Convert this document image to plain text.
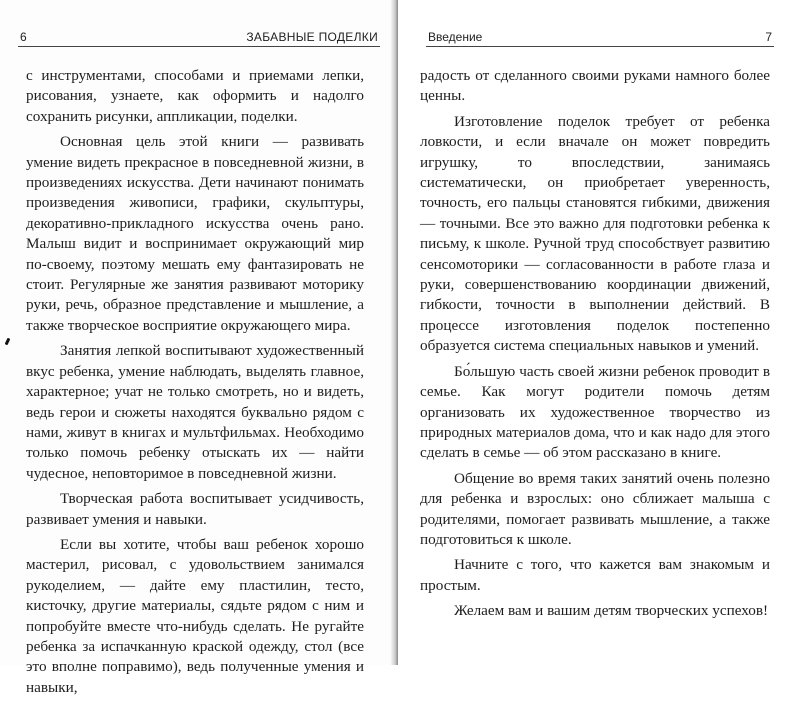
6	ЗАБАВНЫЕ ПОДЕЛКИ

с инструментами, способами и приемами лепки, рисования, узнаете, как оформить и надолго сохранить рисунки, аппликации, поделки.

Основная цель этой книги — развивать умение видеть прекрасное в повседневной жизни, в произведениях искусства. Дети начинают понимать произведения живописи, графики, скульптуры, декоративно-прикладного искусства очень рано. Малыш видит и воспринимает окружающий мир по-своему, поэтому мешать ему фантазировать не стоит. Регулярные же занятия развивают моторику руки, речь, образное представление и мышление, а также творческое восприятие окружающего мира.

Занятия лепкой воспитывают художественный вкус ребенка, умение наблюдать, выделять главное, характерное; учат не только смотреть, но и видеть, ведь герои и сюжеты находятся буквально рядом с нами, живут в книгах и мультфильмах. Необходимо только помочь ребенку отыскать их — найти чудесное, неповторимое в повседневной жизни.

Творческая работа воспитывает усидчивость, развивает умения и навыки.

Если вы хотите, чтобы ваш ребенок хорошо мастерил, рисовал, с удовольствием занимался рукоделием, — дайте ему пластилин, тесто, кисточку, другие материалы, сядьте рядом с ним и попробуйте вместе что-нибудь сделать. Не ругайте ребенка за испачканную краской одежду, стол (все это вполне поправимо), ведь полученные умения и навыки,

Введение	7

радость от сделанного своими руками намного более ценны.

Изготовление поделок требует от ребенка ловкости, и если вначале он может повредить игрушку, то впоследствии, занимаясь систематически, он приобретает уверенность, точность, его пальцы становятся гибкими, движения — точными. Все это важно для подготовки ребенка к письму, к школе. Ручной труд способствует развитию сенсомоторики — согласованности в работе глаза и руки, совершенствованию координации движений, гибкости, точности в выполнении действий. В процессе изготовления поделок постепенно образуется система специальных навыков и умений.

Бо́льшую часть своей жизни ребенок проводит в семье. Как могут родители помочь детям организовать их художественное творчество из природных материалов дома, что и как надо для этого сделать в семье — об этом рассказано в книге.

Общение во время таких занятий очень полезно для ребенка и взрослых: оно сближает малыша с родителями, помогает развивать мышление, а также подготовиться к школе.

Начните с того, что кажется вам знакомым и простым.

Желаем вам и вашим детям творческих успехов!
